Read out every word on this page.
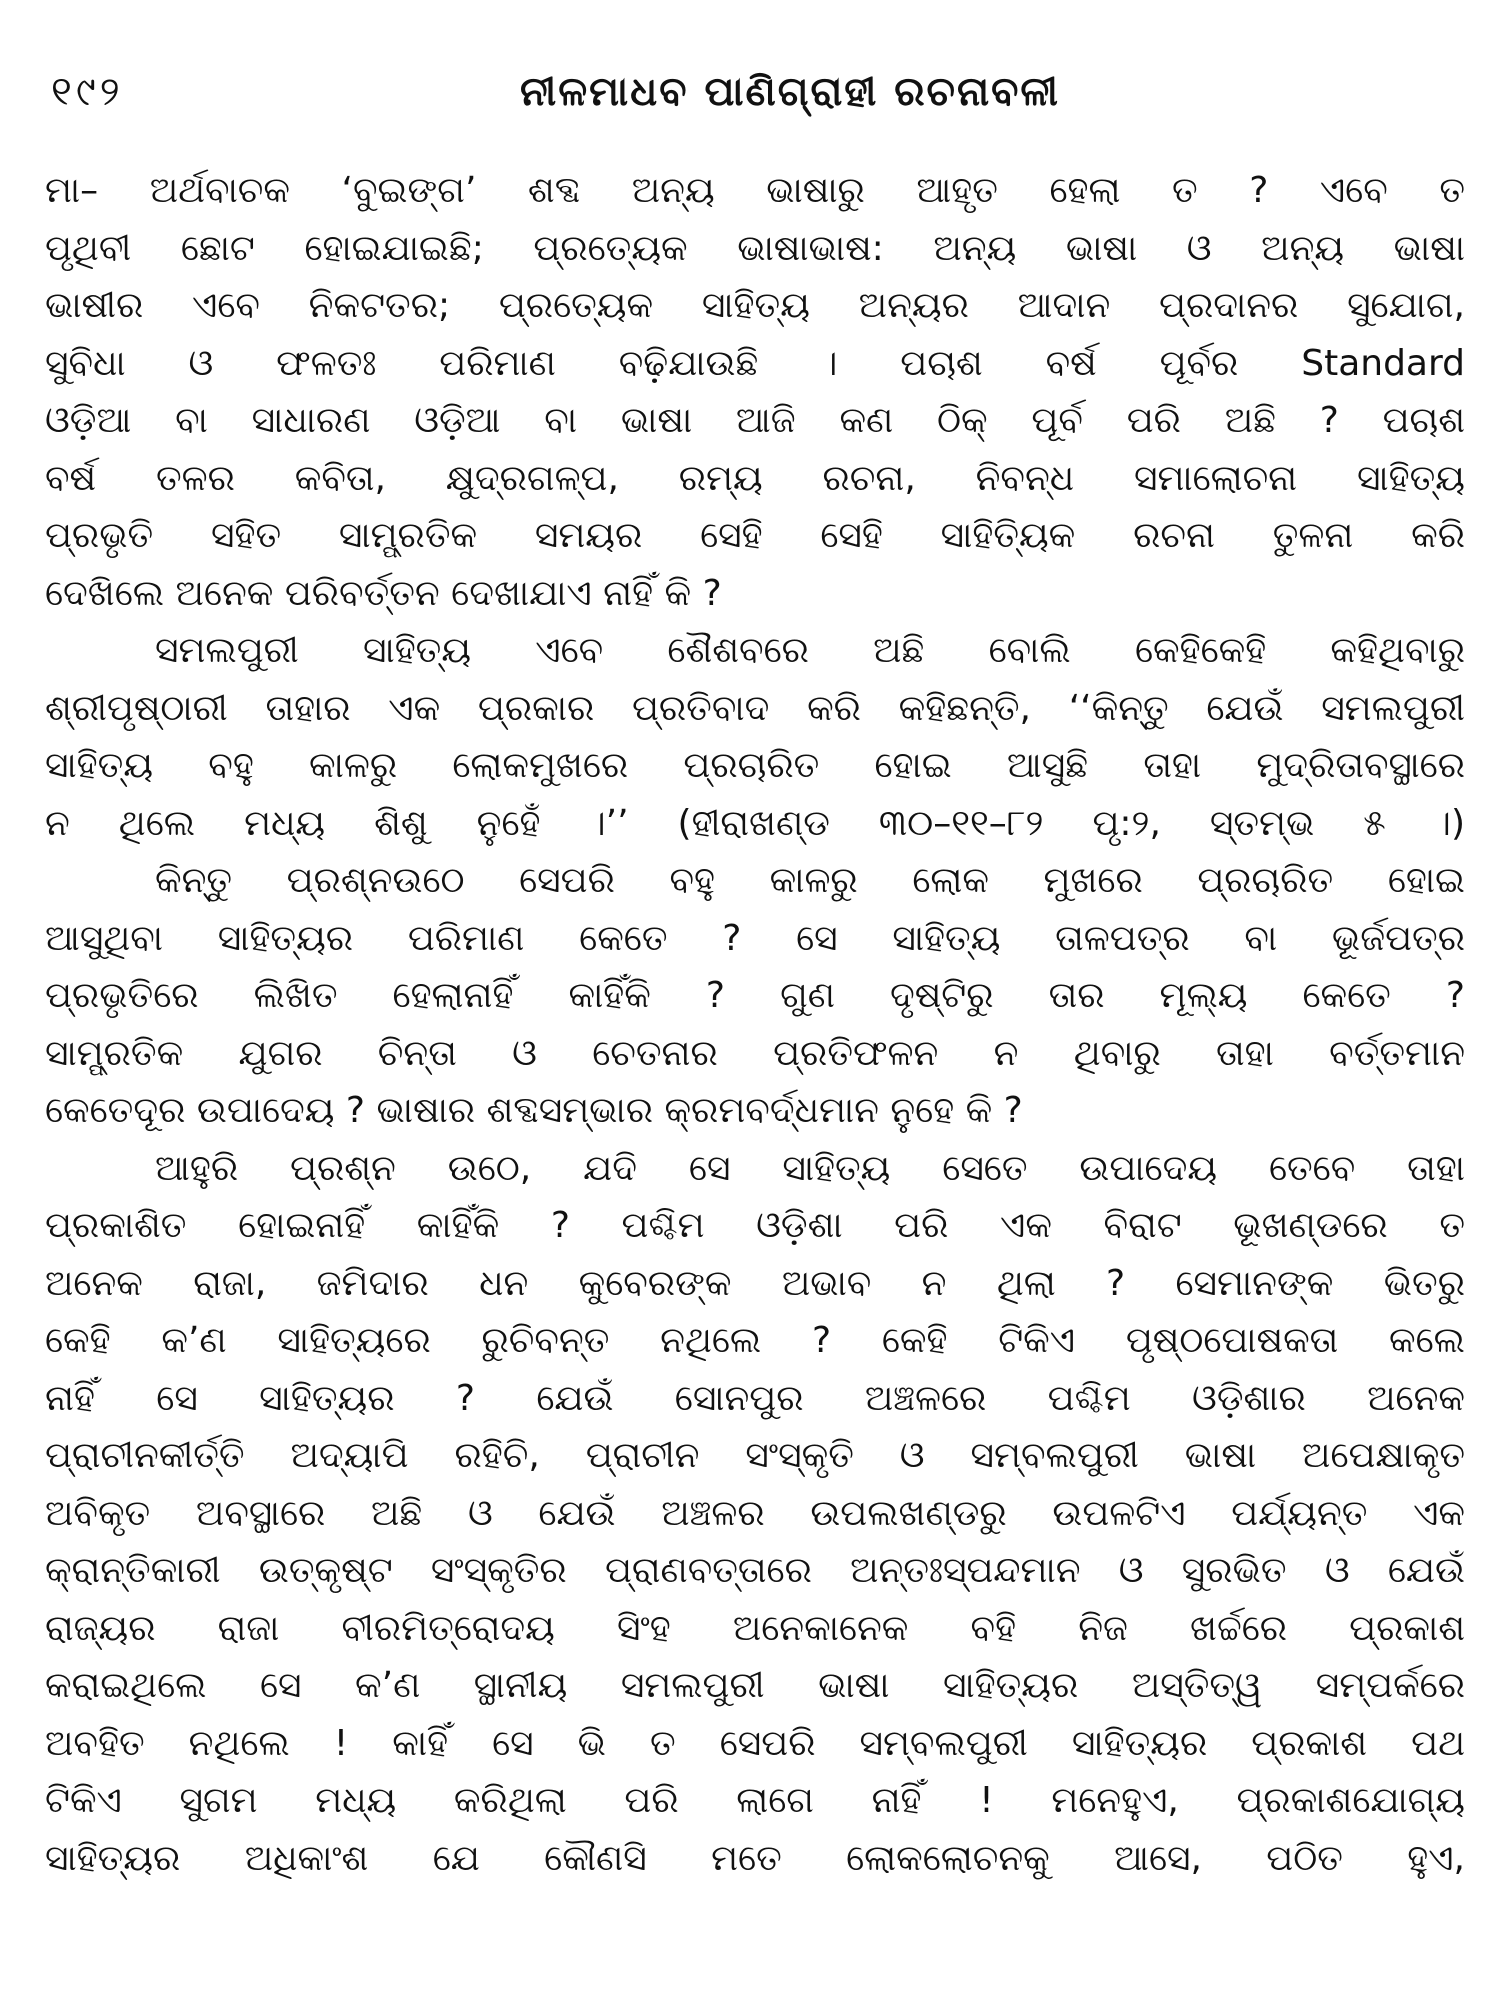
୧୯୨	ନୀଳମାଧବ ପାଣିଗ୍ରାହୀ ରଚନାବଳୀ
ମା– ଅର୍ଥବାଚକ ‘ବୁଇଙ୍ଗ’ ଶବ୍ଦ ଅନ୍ୟ ଭାଷାରୁ ଆହୃତ ହେଲା ତ ? ଏବେ ତ
ପୃଥିବୀ ଛୋଟ ହୋଇଯାଇଛି; ପ୍ରତ୍ୟେକ ଭାଷାଭାଷ: ଅନ୍ୟ ଭାଷା ଓ ଅନ୍ୟ ଭାଷା
ଭାଷୀର ଏବେ ନିକଟତର; ପ୍ରତ୍ୟେକ ସାହିତ୍ୟ ଅନ୍ୟର ଆଦାନ ପ୍ରଦାନର ସୁଯୋଗ,
ସୁବିଧା ଓ ଫଳତଃ ପରିମାଣ ବଢ଼ିଯାଉଛି । ପଚାଶ ବର୍ଷ ପୂର୍ବର Standard
ଓଡ଼ିଆ ବା ସାଧାରଣ ଓଡ଼ିଆ ବା ଭାଷା ଆଜି କଣ ଠିକ୍ ପୂର୍ବ ପରି ଅଛି ? ପଚାଶ
ବର୍ଷ ତଳର କବିତା, କ୍ଷୁଦ୍ରଗଳ୍ପ, ରମ୍ୟ ରଚନା, ନିବନ୍ଧ ସମାଲୋଚନା ସାହିତ୍ୟ
ପ୍ରଭୃତି ସହିତ ସାମ୍ପ୍ରତିକ ସମୟର ସେହି ସେହି ସାହିତ୍ୟିକ ରଚନା ତୁଳନା କରି
ଦେଖିଲେ ଅନେକ ପରିବର୍ତ୍ତନ ଦେଖାଯାଏ ନାହିଁ କି ?
ସମଲପୁରୀ ସାହିତ୍ୟ ଏବେ ଶୈଶବରେ ଅଛି ବୋଲି କେହିକେହି କହିଥିବାରୁ
ଶ୍ରୀପୃଷ୍ଠାରୀ ତାହାର ଏକ ପ୍ରକାର ପ୍ରତିବାଦ କରି କହିଛନ୍ତି, ‘‘କିନ୍ତୁ ଯେଉଁ ସମଲପୁରୀ
ସାହିତ୍ୟ ବହୁ କାଳରୁ ଲୋକମୁଖରେ ପ୍ରଚାରିତ ହୋଇ ଆସୁଛି ତାହା ମୁଦ୍ରିତାବସ୍ଥାରେ
ନ ଥିଲେ ମଧ୍ୟ ଶିଶୁ ନୁହେଁ ।’’ (ହୀରାଖଣ୍ଡ ୩୦–୧୧–୮୨ ପୃ:୨, ସ୍ତମ୍ଭ ୫ ।)
କିନ୍ତୁ ପ୍ରଶ୍ନଉଠେ ସେପରି ବହୁ କାଳରୁ ଲୋକ ମୁଖରେ ପ୍ରଚାରିତ ହୋଇ
ଆସୁଥିବା ସାହିତ୍ୟର ପରିମାଣ କେତେ ? ସେ ସାହିତ୍ୟ ତାଳପତ୍ର ବା ଭୂର୍ଜପତ୍ର
ପ୍ରଭୃତିରେ ଲିଖିତ ହେଲାନାହିଁ କାହିଁକି ? ଗୁଣ ଦୃଷ୍ଟିରୁ ତାର ମୂଲ୍ୟ କେତେ ?
ସାମ୍ପ୍ରତିକ ଯୁଗର ଚିନ୍ତା ଓ ଚେତନାର ପ୍ରତିଫଳନ ନ ଥିବାରୁ ତାହା ବର୍ତ୍ତମାନ
କେତେଦୂର ଉପାଦେୟ ? ଭାଷାର ଶବ୍ଦସମ୍ଭାର କ୍ରମବର୍ଦ୍ଧମାନ ନୁହେ କି ?
ଆହୁରି ପ୍ରଶ୍ନ ଉଠେ, ଯଦି ସେ ସାହିତ୍ୟ ସେତେ ଉପାଦେୟ ତେବେ ତାହା
ପ୍ରକାଶିତ ହୋଇନାହିଁ କାହିଁକି ? ପଶ୍ଚିମ ଓଡ଼ିଶା ପରି ଏକ ବିରାଟ ଭୂଖଣ୍ଡରେ ତ
ଅନେକ ରାଜା, ଜମିଦାର ଧନ କୁବେରଙ୍କ ଅଭାବ ନ ଥିଲା ? ସେମାନଙ୍କ ଭିତରୁ
କେହି କ’ଣ ସାହିତ୍ୟରେ ରୁଚିବନ୍ତ ନଥିଲେ ? କେହି ଟିକିଏ ପୃଷ୍ଠପୋଷକତା କଲେ
ନାହିଁ ସେ ସାହିତ୍ୟର ? ଯେଉଁ ସୋନପୁର ଅଞ୍ଚଳରେ ପଶ୍ଚିମ ଓଡ଼ିଶାର ଅନେକ
ପ୍ରାଚୀନକୀର୍ତ୍ତି ଅଦ୍ୟାପି ରହିଚି, ପ୍ରାଚୀନ ସଂସ୍କୃତି ଓ ସମ୍ବଲପୁରୀ ଭାଷା ଅପେକ୍ଷାକୃତ
ଅବିକୃତ ଅବସ୍ଥାରେ ଅଛି ଓ ଯେଉଁ ଅଞ୍ଚଳର ଉପଲଖଣ୍ଡରୁ ଉପଳଟିଏ ପର୍ଯ୍ୟନ୍ତ ଏକ
କ୍ରାନ୍ତିକାରୀ ଉତ୍କୃଷ୍ଟ ସଂସ୍କୃତିର ପ୍ରାଣବତ୍ତାରେ ଅନ୍ତଃସ୍ପନ୍ଦମାନ ଓ ସୁରଭିତ ଓ ଯେଉଁ
ରାଜ୍ୟର ରାଜା ବୀରମିତ୍ରୋଦୟ ସିଂହ ଅନେକାନେକ ବହି ନିଜ ଖର୍ଚ୍ଚରେ ପ୍ରକାଶ
କରାଇଥିଲେ ସେ କ’ଣ ସ୍ଥାନୀୟ ସମଲପୁରୀ ଭାଷା ସାହିତ୍ୟର ଅସ୍ତିତ୍ୱ ସମ୍ପର୍କରେ
ଅବହିତ ନଥିଲେ ! କାହିଁ ସେ ଭି ତ ସେପରି ସମ୍ବଲପୁରୀ ସାହିତ୍ୟର ପ୍ରକାଶ ପଥ
ଟିକିଏ ସୁଗମ ମଧ୍ୟ କରିଥିଲା ପରି ଲାଗେ ନାହିଁ ! ମନେହୁଏ, ପ୍ରକାଶଯୋଗ୍ୟ
ସାହିତ୍ୟର ଅଧିକାଂଶ ଯେ କୌଣସି ମତେ ଲୋକଲୋଚନକୁ ଆସେ, ପଠିତ ହୁଏ,
